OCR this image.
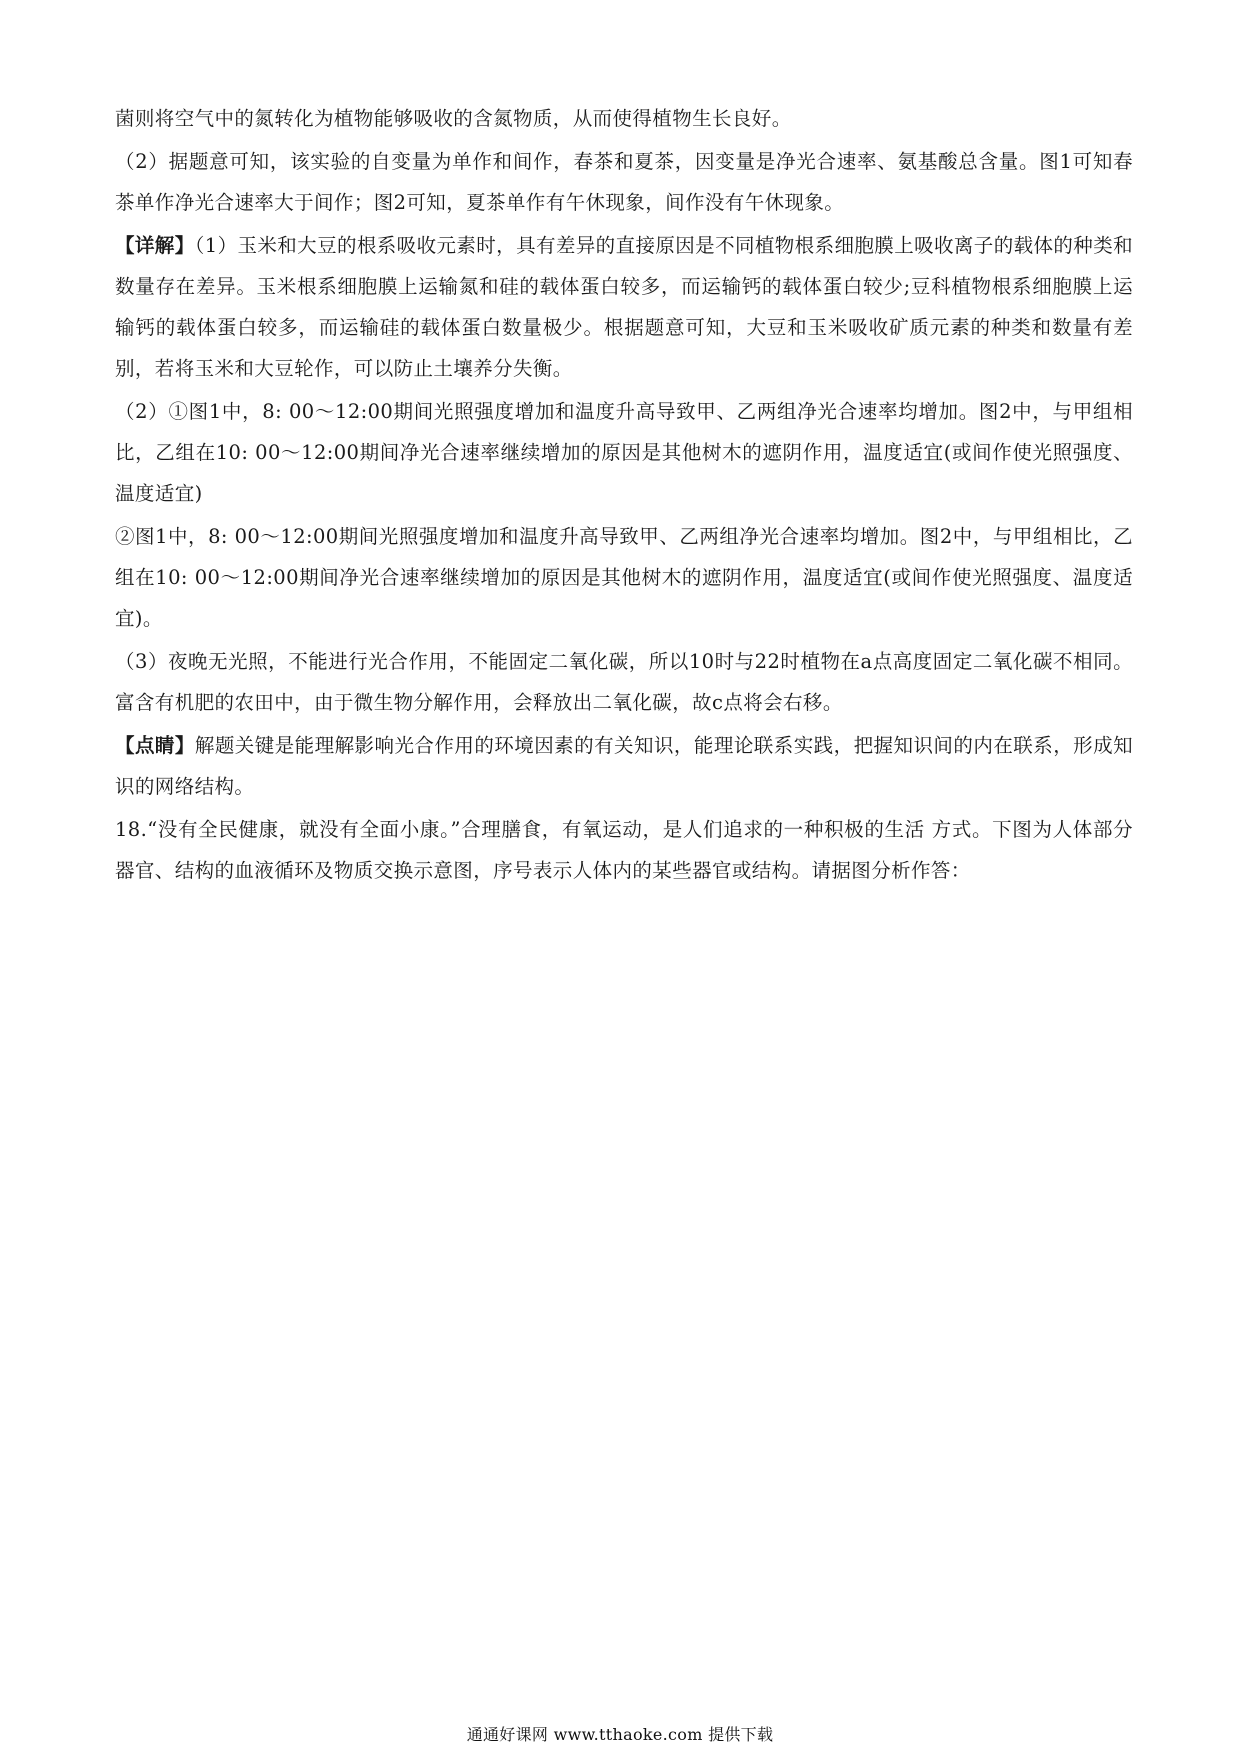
菌则将空气中的氮转化为植物能够吸收的含氮物质，从而使得植物生长良好。

（2）据题意可知，该实验的自变量为单作和间作，春茶和夏茶，因变量是净光合速率、氨基酸总含量。图1可知春茶单作净光合速率大于间作；图2可知，夏茶单作有午休现象，间作没有午休现象。

【详解】（1）玉米和大豆的根系吸收元素时，具有差异的直接原因是不同植物根系细胞膜上吸收离子的载体的种类和数量存在差异。玉米根系细胞膜上运输氮和硅的载体蛋白较多，而运输钙的载体蛋白较少;豆科植物根系细胞膜上运输钙的载体蛋白较多，而运输硅的载体蛋白数量极少。根据题意可知，大豆和玉米吸收矿质元素的种类和数量有差别，若将玉米和大豆轮作，可以防止土壤养分失衡。

（2）①图1中，8: 00～12:00期间光照强度增加和温度升高导致甲、乙两组净光合速率均增加。图2中，与甲组相比，乙组在10: 00～12:00期间净光合速率继续增加的原因是其他树木的遮阴作用，温度适宜(或间作使光照强度、温度适宜)

②图1中，8: 00～12:00期间光照强度增加和温度升高导致甲、乙两组净光合速率均增加。图2中，与甲组相比，乙组在10: 00～12:00期间净光合速率继续增加的原因是其他树木的遮阴作用，温度适宜(或间作使光照强度、温度适宜)。

（3）夜晚无光照，不能进行光合作用，不能固定二氧化碳，所以10时与22时植物在a点高度固定二氧化碳不相同。富含有机肥的农田中，由于微生物分解作用，会释放出二氧化碳，故c点将会右移。

【点睛】解题关键是能理解影响光合作用的环境因素的有关知识，能理论联系实践，把握知识间的内在联系，形成知识的网络结构。

18.“没有全民健康，就没有全面小康。”合理膳食，有氧运动，是人们追求的一种积极的生活 方式。下图为人体部分器官、结构的血液循环及物质交换示意图，序号表示人体内的某些器官或结构。请据图分析作答：

通通好课网 www.tthaoke.com 提供下载
